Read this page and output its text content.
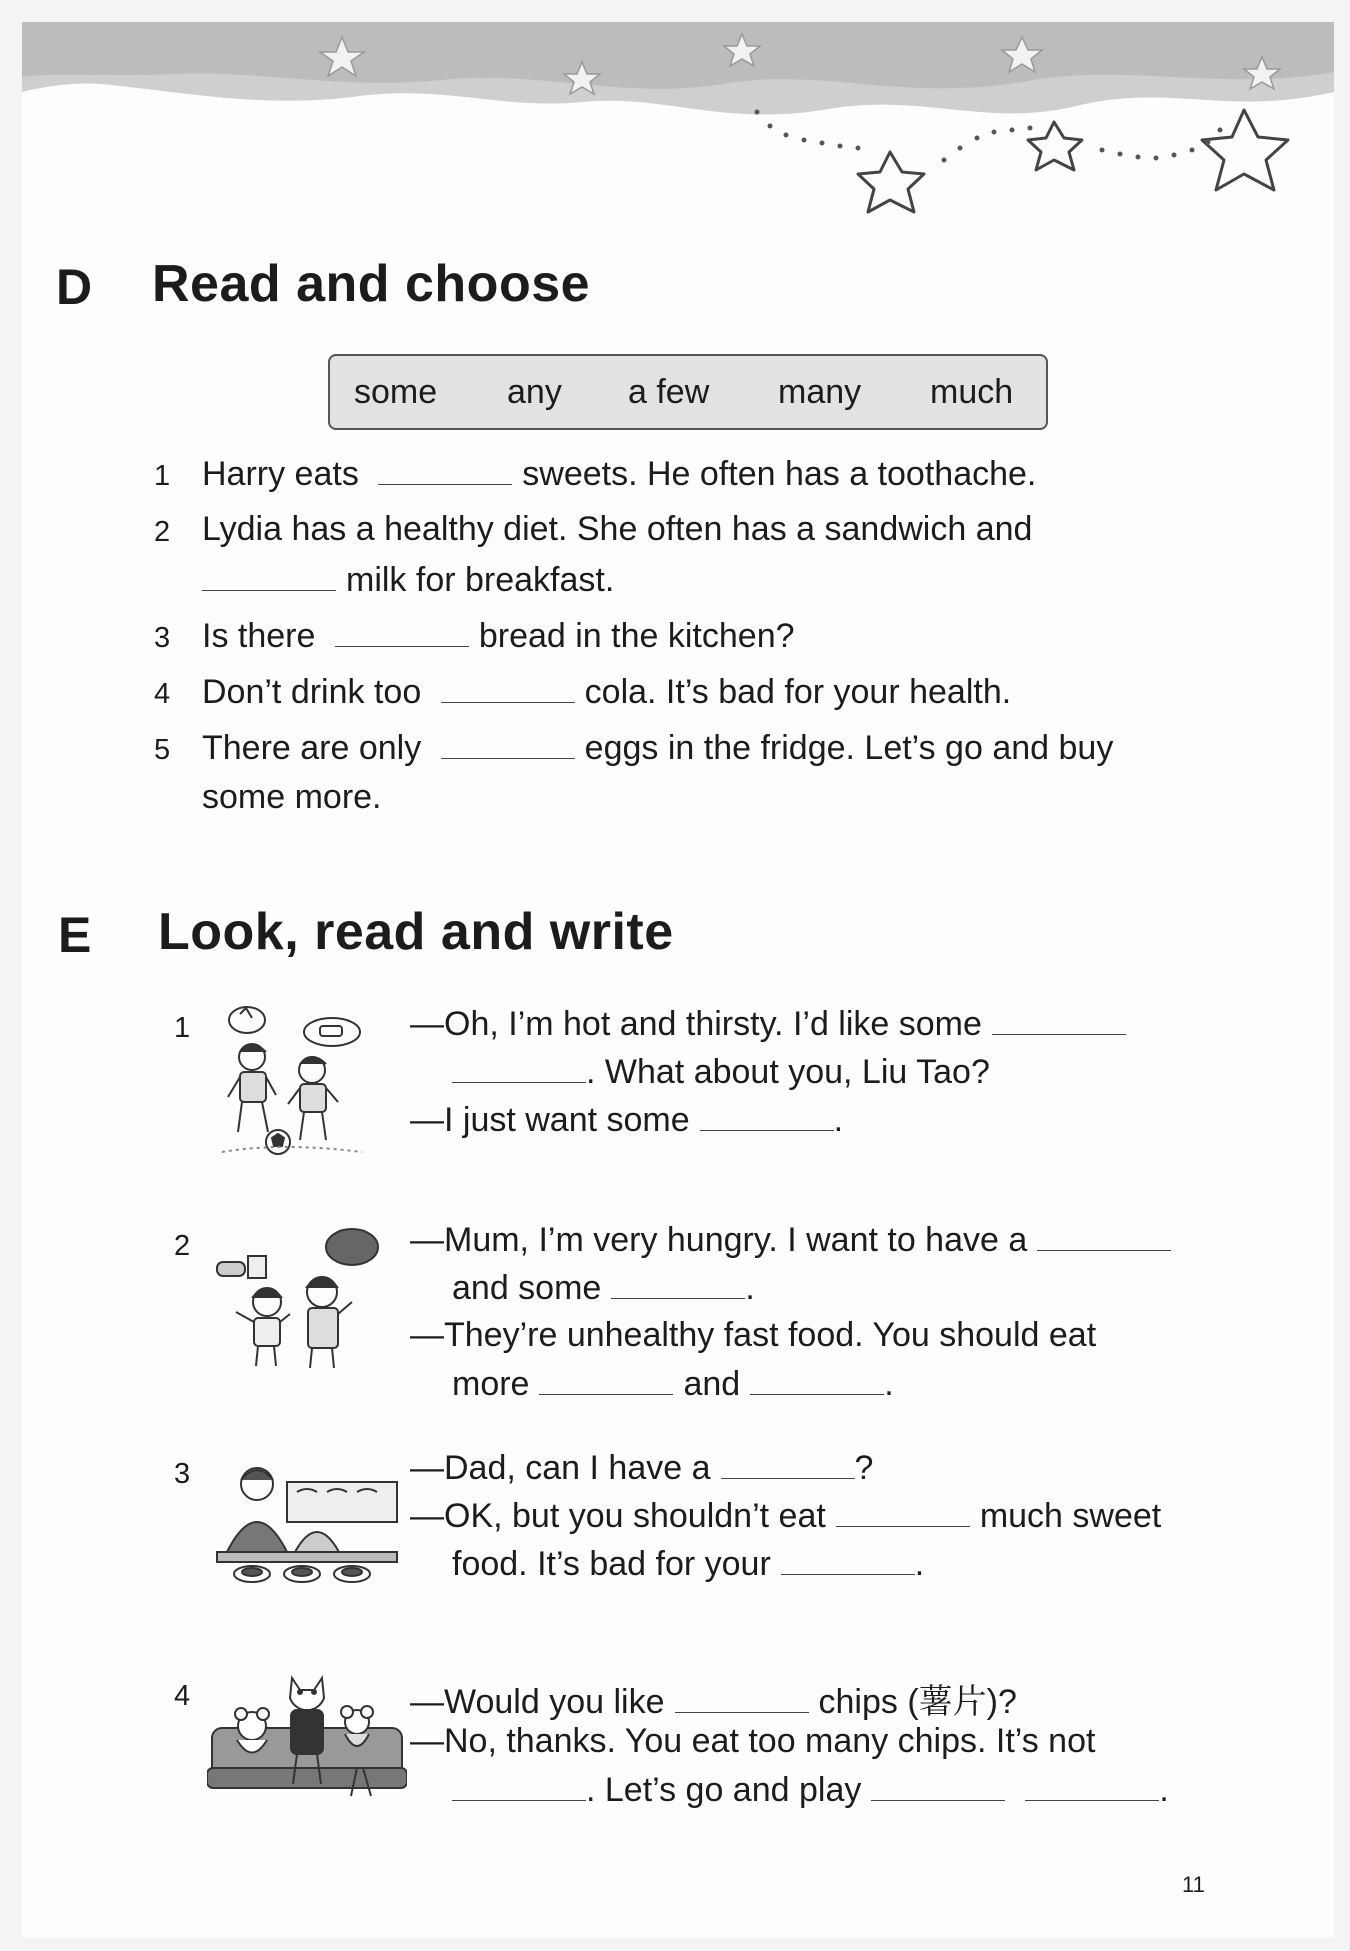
D Read and choose
some any a few many much
1 Harry eats	sweets. He often has a toothache.
2 Lydia has a healthy diet. She often has a sandwich and
milk for breakfast.
3 Is there	bread in the kitchen?
4 Don’t drink too	cola. It’s bad for your health.
5 There are only	eggs in the fridge. Let’s go and buy
some more.
E Look, read and write
1	—Oh, I’m hot and thirsty. I’d like some
. What about you, Liu Tao?
—I just want some	.
2	—Mum, I’m very hungry. I want to have a
and some	.
—They’re unhealthy fast food. You should eat
more	and	.
3	—Dad, can I have a	?
—OK, but you shouldn’t eat	much sweet
food. It’s bad for your	.
4	—Would you like	chips (薯片)?
—No, thanks. You eat too many chips. It’s not
. Let’s go and play	.
11
